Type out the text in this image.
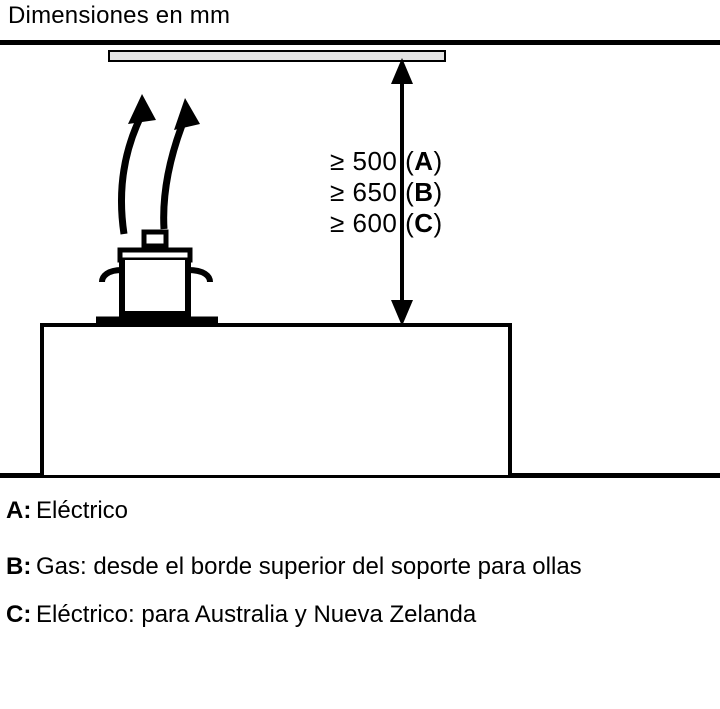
Dimensiones en mm
≥ 500 (A)
≥ 650 (B)
≥ 600 (C)
A: Eléctrico
B: Gas: desde el borde superior del soporte para ollas
C: Eléctrico: para Australia y Nueva Zelanda
